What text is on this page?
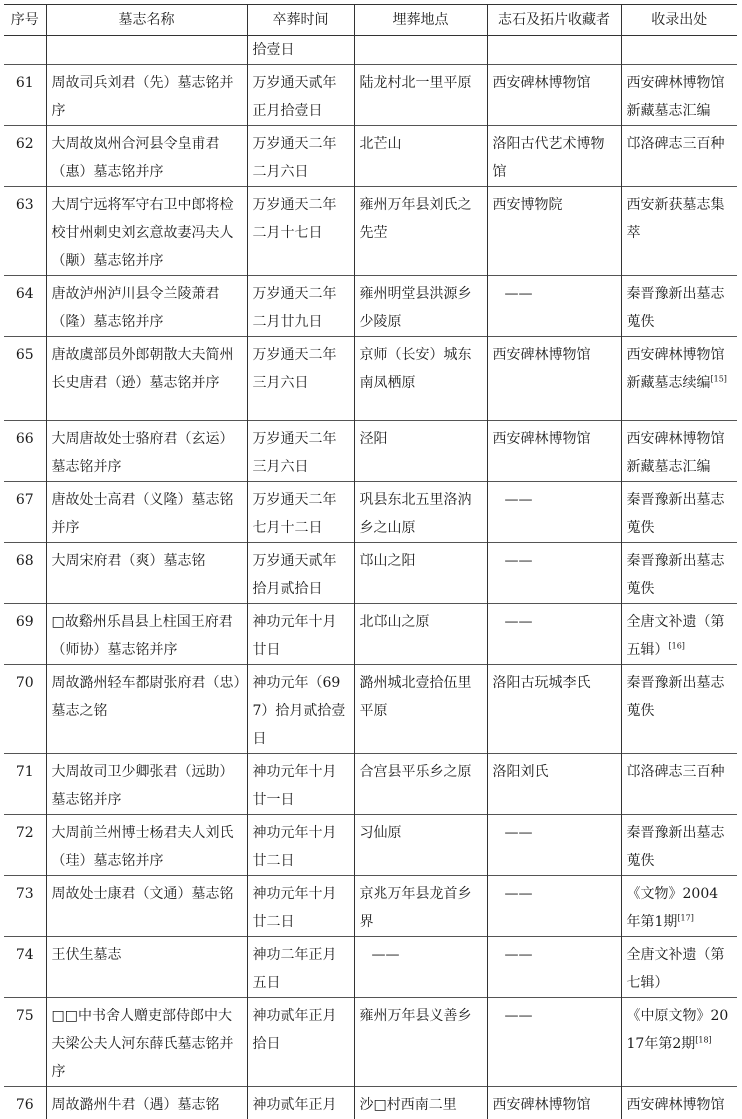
序号	墓志名称	卒葬时间	埋葬地点	志石及拓片收藏者	收录出处
		拾壹日			
61	周故司兵刘君（先）墓志铭并序	万岁通天贰年正月拾壹日	陆龙村北一里平原	西安碑林博物馆	西安碑林博物馆新藏墓志汇编
62	大周故岚州合河县令皇甫君（惠）墓志铭并序	万岁通天二年二月六日	北芒山	洛阳古代艺术博物馆	邙洛碑志三百种
63	大周宁远将军守右卫中郎将检校甘州刺史刘玄意故妻冯夫人（颙）墓志铭并序	万岁通天二年二月十七日	雍州万年县刘氏之先茔	西安博物院	西安新获墓志集萃
64	唐故泸州泸川县令兰陵萧君（隆）墓志铭并序	万岁通天二年二月廿九日	雍州明堂县洪源乡少陵原	——	秦晋豫新出墓志蒐佚
65	唐故虞部员外郎朝散大夫简州长史唐君（逊）墓志铭并序	万岁通天二年三月六日	京师（长安）城东南凤栖原	西安碑林博物馆	西安碑林博物馆新藏墓志续编[15]
66	大周唐故处士骆府君（玄运）墓志铭并序	万岁通天二年三月六日	泾阳	西安碑林博物馆	西安碑林博物馆新藏墓志汇编
67	唐故处士高君（义隆）墓志铭并序	万岁通天二年七月十二日	巩县东北五里洛汭乡之山原	——	秦晋豫新出墓志蒐佚
68	大周宋府君（爽）墓志铭	万岁通天贰年拾月贰拾日	邙山之阳	——	秦晋豫新出墓志蒐佚
69	□故谿州乐昌县上柱国王府君（师协）墓志铭并序	神功元年十月廿日	北邙山之原	——	全唐文补遗（第五辑）[16]
70	周故潞州轻车都尉张府君（忠）墓志之铭	神功元年（697）拾月贰拾壹日	潞州城北壹拾伍里平原	洛阳古玩城李氏	秦晋豫新出墓志蒐佚
71	大周故司卫少卿张君（远助）墓志铭并序	神功元年十月廿一日	合宫县平乐乡之原	洛阳刘氏	邙洛碑志三百种
72	大周前兰州博士杨君夫人刘氏（珪）墓志铭并序	神功元年十月廿二日	习仙原	——	秦晋豫新出墓志蒐佚
73	周故处士康君（文通）墓志铭	神功元年十月廿二日	京兆万年县龙首乡界	——	《文物》2004年第1期[17]
74	王伏生墓志	神功二年正月五日	——	——	全唐文补遗（第七辑）
75	□□中书舍人赠吏部侍郎中大夫梁公夫人河东薛氏墓志铭并序	神功贰年正月拾日	雍州万年县义善乡	——	《中原文物》2017年第2期[18]
76	周故潞州牛君（遇）墓志铭	神功贰年正月	沙□村西南二里	西安碑林博物馆	西安碑林博物馆
